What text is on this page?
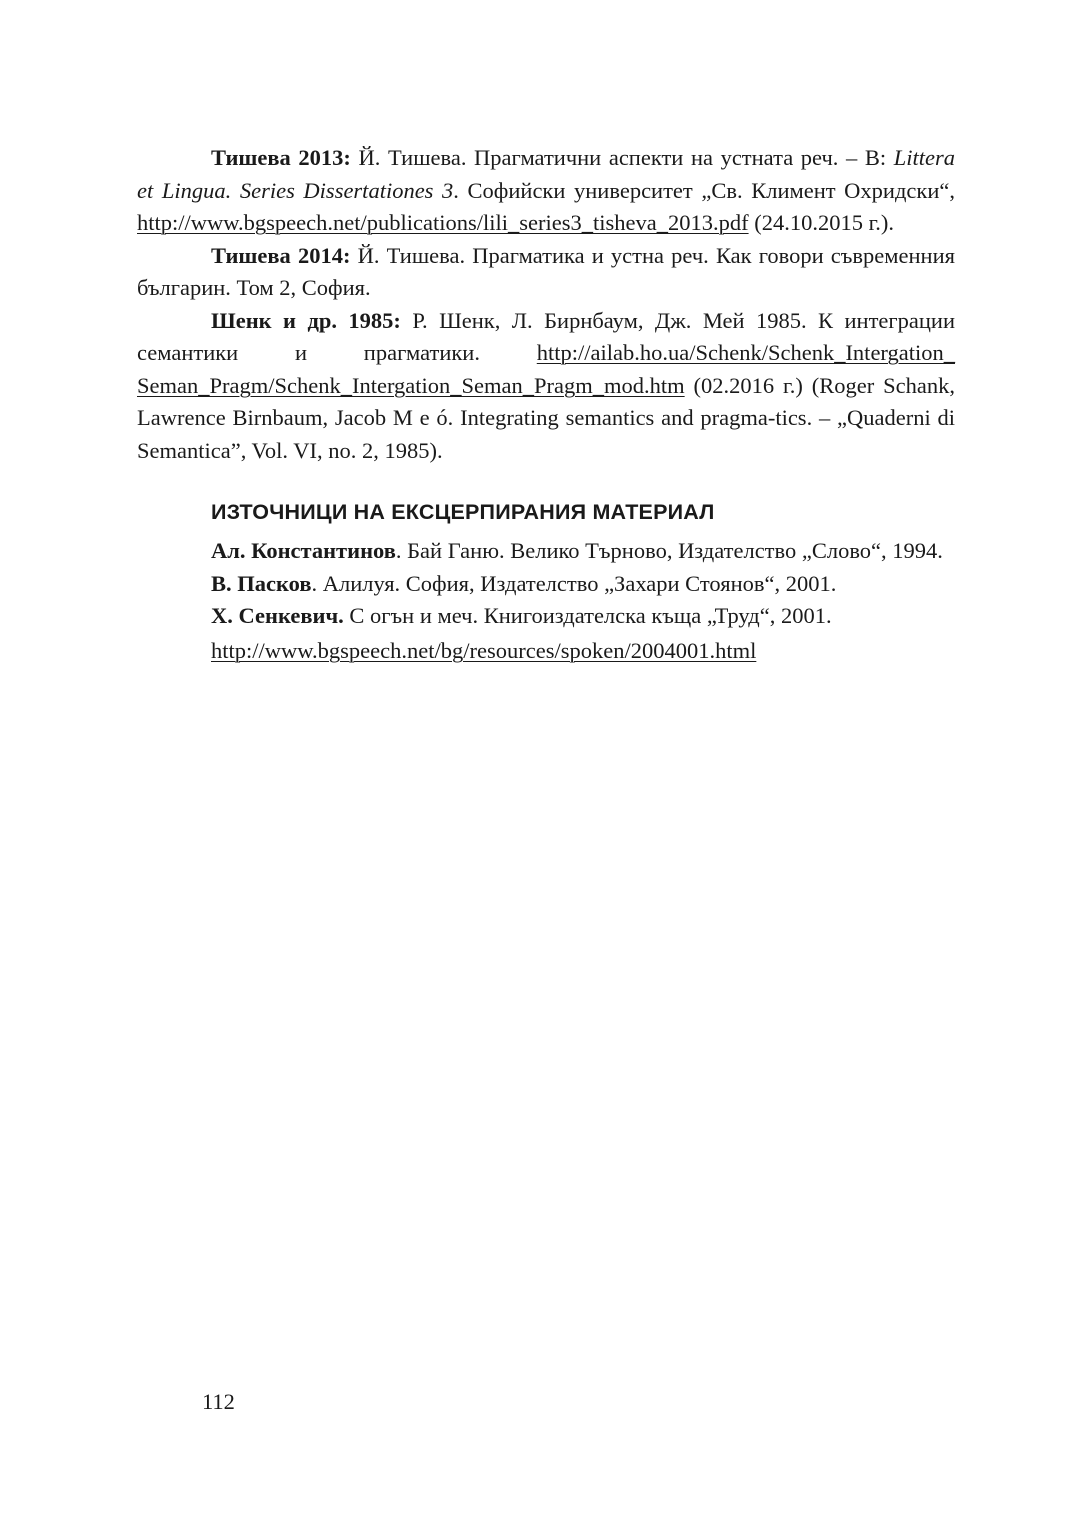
Тишева 2013: Й. Тишева. Прагматични аспекти на устната реч. – В: Littera et Lingua. Series Dissertationes 3. Софийски университет „Св. Климент Охридски“, http://www.bgspeech.net/publications/lili_series3_tisheva_2013.pdf (24.10.2015 г.).

Тишева 2014: Й. Тишева. Прагматика и устна реч. Как говори съвременния българин. Том 2, София.

Шенк и др. 1985: Р. Шенк, Л. Бирнбаум, Дж. Мей 1985. К интеграции семантики и прагматики. http://ailab.ho.ua/Schenk/Schenk_Intergation_ Seman_Pragm/Schenk_Intergation_Seman_Pragm_mod.htm (02.2016 г.) (Roger Schank, Lawrence Birnbaum, Jacob M e ó. Integrating semantics and pragma-tics. – „Quaderni di Semantica”, Vol. VI, no. 2, 1985).

ИЗТОЧНИЦИ НА ЕКСЦЕРПИРАНИЯ МАТЕРИАЛ

Ал. Константинов. Бай Ганю. Велико Търново, Издателство „Слово“, 1994.

В. Пасков. Алилуя. София, Издателство „Захари Стоянов“, 2001.

Х. Сенкевич. С огън и меч. Книгоиздателска къща „Труд“, 2001.

http://www.bgspeech.net/bg/resources/spoken/2004001.html

112
